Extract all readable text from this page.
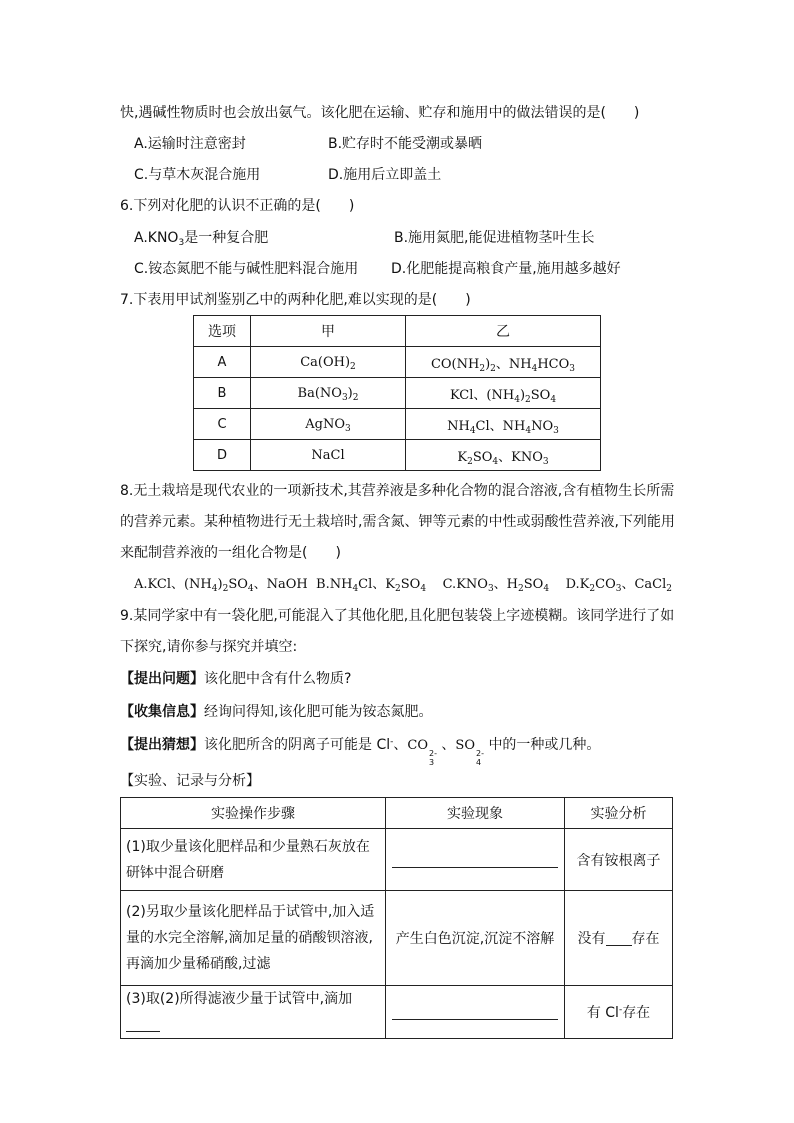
快,遇碱性物质时也会放出氨气。该化肥在运输、贮存和施用中的做法错误的是(　　)
A.运输时注意密封	B.贮存时不能受潮或暴晒
C.与草木灰混合施用	D.施用后立即盖土
6.下列对化肥的认识不正确的是(　　)
$A.KNO_3$是一种复合肥	B.施用氮肥,能促进植物茎叶生长
C.铵态氮肥不能与碱性肥料混合施用 D.化肥能提高粮食产量,施用越多越好
7.下表用甲试剂鉴别乙中的两种化肥,难以实现的是(　　)
选项	甲	乙
A	$Ca(OH)_2$	$CO(NH_2)_2$、$NH_4HCO_3$
B	$Ba(NO_3)_2$	KCl、$(NH_4)_2SO_4$
C	AgNO$_3$	$NH_4Cl$、$NH_4NO_3$
D	NaCl	$K_2SO_4$、$KNO_3$
8.无土栽培是现代农业的一项新技术,其营养液是多种化合物的混合溶液,含有植物生长所需
的营养元素。某种植物进行无土栽培时,需含氮、钾等元素的中性或弱酸性营养液,下列能用
来配制营养液的一组化合物是(　　)
A.KCl、$(NH_4)_2SO_4$、NaOH  $B.NH_4Cl$、$K_2SO_4$    $C.KNO_3$、$H_2SO_4$    $D.K_2CO_3$、CaCl$_2$
9.某同学家中有一袋化肥,可能混入了其他化肥,且化肥包装袋上字迹模糊。该同学进行了如
下探究,请你参与探究并填空:
【提出问题】该化肥中含有什么物质?
【收集信息】经询问得知,该化肥可能为铵态氮肥。
【提出猜想】该化肥所含的阴离子可能是 Cl-、CO
2-
3
、SO
2-
4
中的一种或几种。
【实验、记录与分析】
实验操作步骤	实验现象	实验分析

(1)取少量该化肥样品和少量熟石灰放在
研钵中混合研磨		含有铵根离子

(2)另取少量该化肥样品于试管中,加入适
量的水完全溶解,滴加足量的硝酸钡溶液,
再滴加少量稀硝酸,过滤	产生白色沉淀,沉淀不溶解	没有 存在
(3)取(2)所得滤液少量于试管中,滴加		有 Cl-存在
